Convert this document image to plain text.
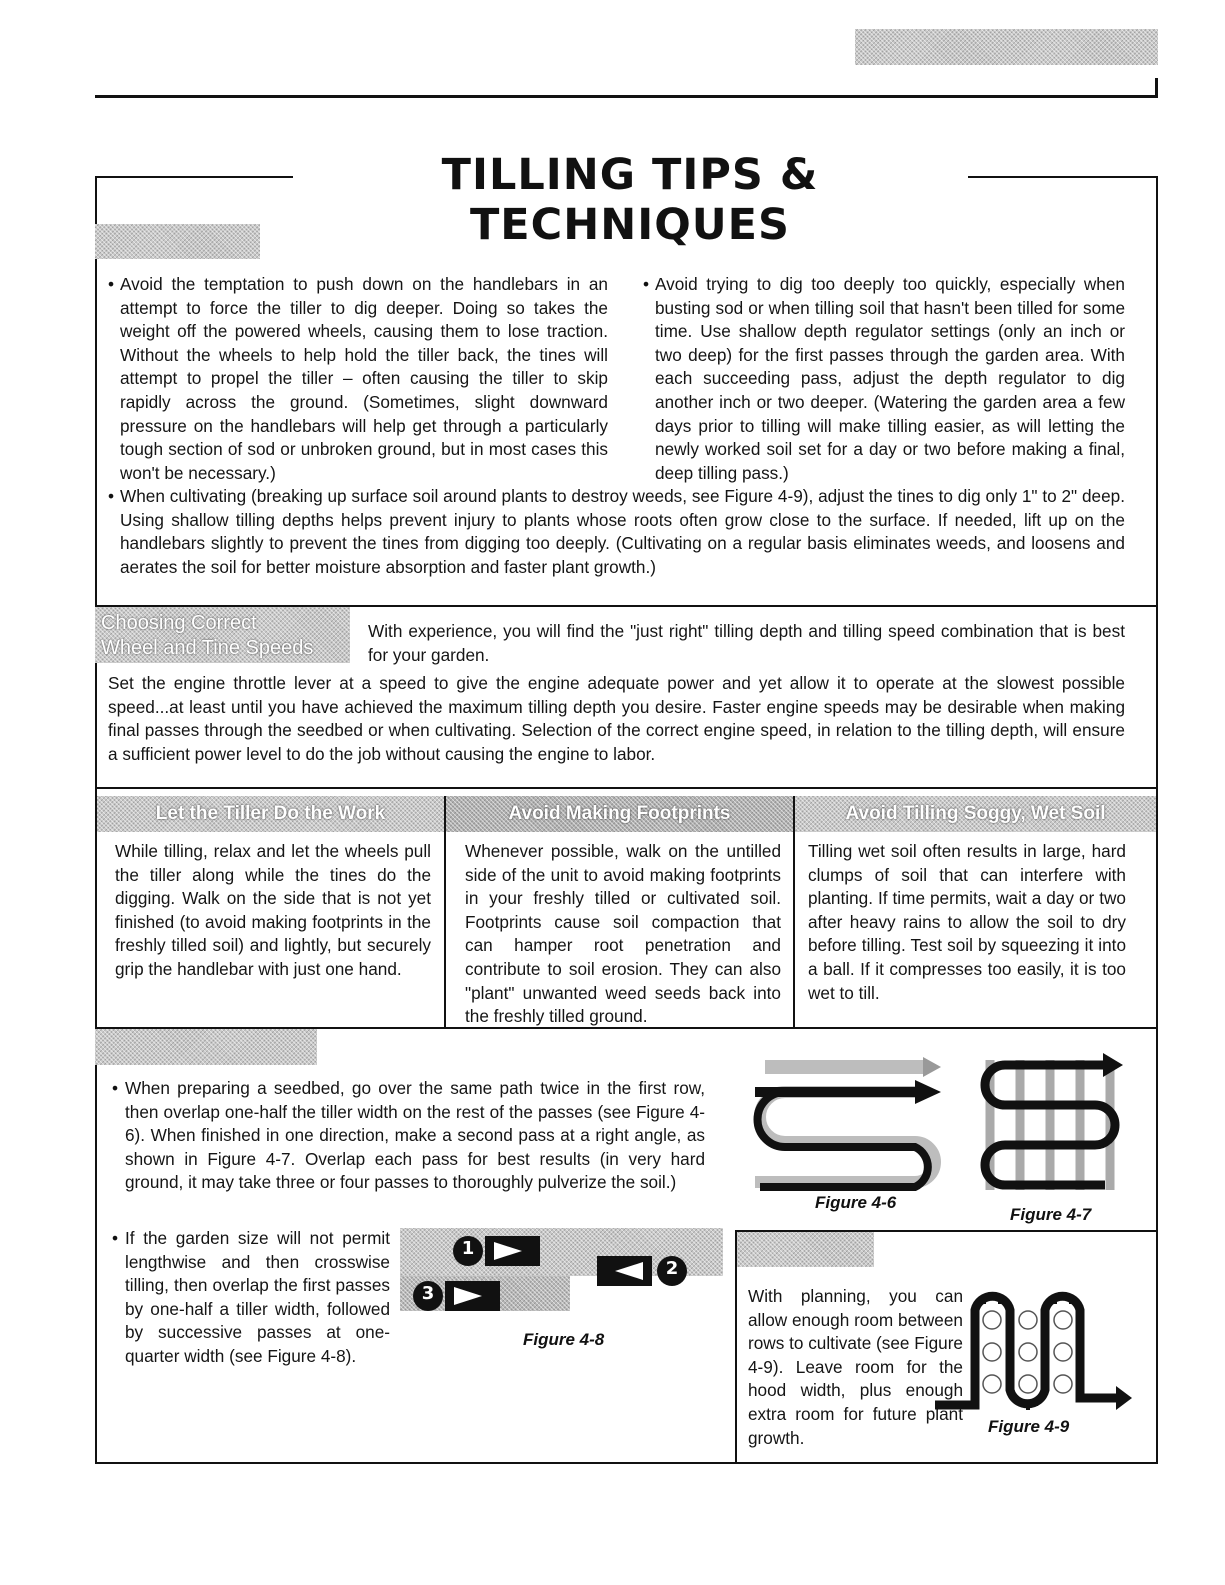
TILLING TIPS & TECHNIQUES
• Avoid the temptation to push down on the handlebars in an attempt to force the tiller to dig deeper. Doing so takes the weight off the powered wheels, causing them to lose traction. Without the wheels to help hold the tiller back, the tines will attempt to propel the tiller – often causing the tiller to skip rapidly across the ground. (Sometimes, slight downward pressure on the handlebars will help get through a particularly tough section of sod or unbroken ground, but in most cases this won't be necessary.)
• Avoid trying to dig too deeply too quickly, especially when busting sod or when tilling soil that hasn't been tilled for some time. Use shallow depth regulator settings (only an inch or two deep) for the first passes through the garden area. With each succeeding pass, adjust the depth regulator to dig another inch or two deeper. (Watering the garden area a few days prior to tilling will make tilling easier, as will letting the newly worked soil set for a day or two before making a final, deep tilling pass.)
• When cultivating (breaking up surface soil around plants to destroy weeds, see Figure 4-9), adjust the tines to dig only 1" to 2" deep. Using shallow tilling depths helps prevent injury to plants whose roots often grow close to the surface. If needed, lift up on the handlebars slightly to prevent the tines from digging too deeply. (Cultivating on a regular basis eliminates weeds, and loosens and aerates the soil for better moisture absorption and faster plant growth.)
Choosing Correct
Wheel and Tine Speeds
With experience, you will find the "just right" tilling depth and tilling speed combination that is best for your garden.
Set the engine throttle lever at a speed to give the engine adequate power and yet allow it to operate at the slowest possible speed...at least until you have achieved the maximum tilling depth you desire. Faster engine speeds may be desirable when making final passes through the seedbed or when cultivating. Selection of the correct engine speed, in relation to the tilling depth, will ensure a sufficient power level to do the job without causing the engine to labor.
Let the Tiller Do the Work	Avoid Making Footprints	Avoid Tilling Soggy, Wet Soil
While tilling, relax and let the wheels pull the tiller along while the tines do the digging. Walk on the side that is not yet finished (to avoid making footprints in the freshly tilled soil) and lightly, but securely grip the handlebar with just one hand.
Whenever possible, walk on the untilled side of the unit to avoid making footprints in your freshly tilled or cultivated soil. Footprints cause soil compaction that can hamper root penetration and contribute to soil erosion. They can also "plant" unwanted weed seeds back into the freshly tilled ground.
Tilling wet soil often results in large, hard clumps of soil that can interfere with planting. If time permits, wait a day or two after heavy rains to allow the soil to dry before tilling. Test soil by squeezing it into a ball. If it compresses too easily, it is too wet to till.
• When preparing a seedbed, go over the same path twice in the first row, then overlap one-half the tiller width on the rest of the passes (see Figure 4-6). When finished in one direction, make a second pass at a right angle, as shown in Figure 4-7. Overlap each pass for best results (in very hard ground, it may take three or four passes to thoroughly pulverize the soil.)
• If the garden size will not permit lengthwise and then crosswise tilling, then overlap the first passes by one-half a tiller width, followed by successive passes at one-quarter width (see Figure 4-8).
Figure 4-6
Figure 4-7
1
2
3
Figure 4-8
With planning, you can allow enough room between rows to cultivate (see Figure 4-9). Leave room for the hood width, plus enough extra room for future plant growth.
Figure 4-9
